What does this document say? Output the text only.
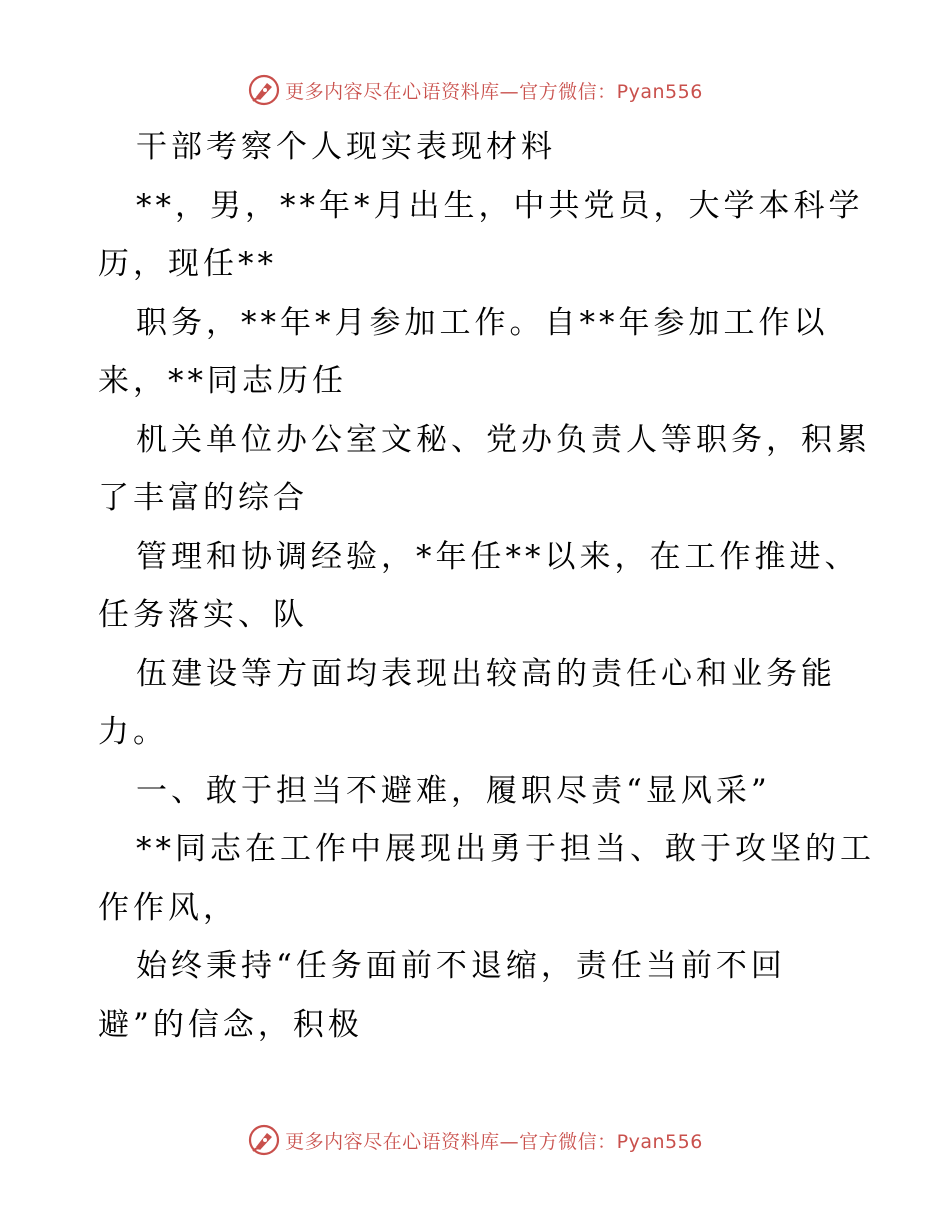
更多内容尽在心语资料库—官方微信：Pyan556
干部考察个人现实表现材料
**，男，**年*月出生，中共党员，大学本科学
历，现任**
职务，**年*月参加工作。自**年参加工作以
来，**同志历任
机关单位办公室文秘、党办负责人等职务，积累
了丰富的综合
管理和协调经验，*年任**以来，在工作推进、
任务落实、队
伍建设等方面均表现出较高的责任心和业务能
力。
一、敢于担当不避难，履职尽责“显风采”
**同志在工作中展现出勇于担当、敢于攻坚的工
作作风，
始终秉持“任务面前不退缩，责任当前不回
避”的信念，积极
更多内容尽在心语资料库—官方微信：Pyan556
